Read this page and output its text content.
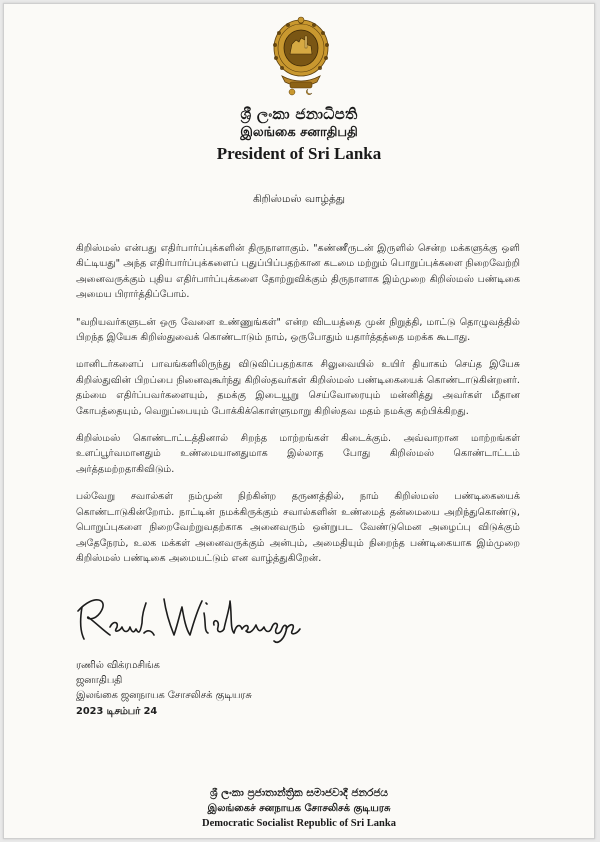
ශ්‍රී ලංකා ජනාධිපති
இலங்கை சனாதிபதி
President of Sri Lanka
கிறிஸ்மஸ் வாழ்த்து

கிறிஸ்மஸ் என்பது எதிர்பார்ப்புக்களின் திருநாளாகும். "கண்ணீருடன் இருளில் சென்ற மக்களுக்கு ஒளி கிட்டியது" அந்த எதிர்பார்ப்புக்களைப் புதுப்பிப்பதற்கான கடமை மற்றும் பொறுப்புக்களை நிறைவேற்றி அனைவருக்கும் புதிய எதிர்பார்ப்புக்களை தோற்றுவிக்கும் திருநாளாக இம்முறை கிறிஸ்மஸ் பண்டிகை அமைய பிரார்த்திப்போம்.

"வறியவர்களுடன் ஒரு வேளை உண்ணுங்கள்" என்ற விடயத்தை முன் நிறுத்தி, மாட்டு தொழுவத்தில் பிறந்த இயேசு கிறிஸ்துவைக் கொண்டாடும் நாம், ஒருபோதும் யதார்த்தத்தை மறக்க கூடாது.

மானிடர்களைப் பாவங்களிலிருந்து விடுவிப்பதற்காக சிலுவையில் உயிர் தியாகம் செய்த இயேசு கிறிஸ்துவின் பிறப்பை நினைவுகூர்ந்து கிறிஸ்தவர்கள் கிறிஸ்மஸ் பண்டிகையைக் கொண்டாடுகின்றனர். தம்மை எதிர்ப்பவர்களையும், தமக்கு இடையூறு செய்வோரையும் மன்னித்து அவர்கள் மீதான கோபத்தையும், வெறுப்பையும் போக்கிக்கொள்ளுமாறு கிறிஸ்தவ மதம் நமக்கு கற்பிக்கிறது.

கிறிஸ்மஸ் கொண்டாட்டத்தினால் சிறந்த மாற்றங்கள் கிடைக்கும். அவ்வாறான மாற்றங்கள் உளப்பூர்வமானதும் உண்மையானதுமாக இல்லாத போது கிறிஸ்மஸ் கொண்டாட்டம் அர்த்தமற்றதாகிவிடும்.

பல்வேறு சவால்கள் நம்முன் நிற்கின்ற தருணத்தில், நாம் கிறிஸ்மஸ் பண்டிகையைக் கொண்டாடுகின்றோம். நாட்டின் நமக்கிருக்கும் சவால்களின் உண்மைத் தன்மையை அறிந்துகொண்டு, பொறுப்புகளை நிறைவேற்றுவதற்காக அனைவரும் ஒன்றுபட வேண்டுமென அழைப்பு விடுக்கும் அதேநேரம், உலக மக்கள் அனைவருக்கும் அன்பும், அமைதியும் நிறைந்த பண்டிகையாக இம்முறை கிறிஸ்மஸ் பண்டிகை அமையட்டும் என வாழ்த்துகிறேன்.

ரணில் விக்ரமசிங்க
ஜனாதிபதி
இலங்கை ஜனநாயக சோசலிசக் குடியரசு
2023 டிசம்பர் 24
ශ්‍රී ලංකා ප්‍රජාතාන්ත්‍රික සමාජවාදී ජනරජය
இலங்கைச் சனநாயக சோசலிசக் குடியரசு
Democratic Socialist Republic of Sri Lanka
